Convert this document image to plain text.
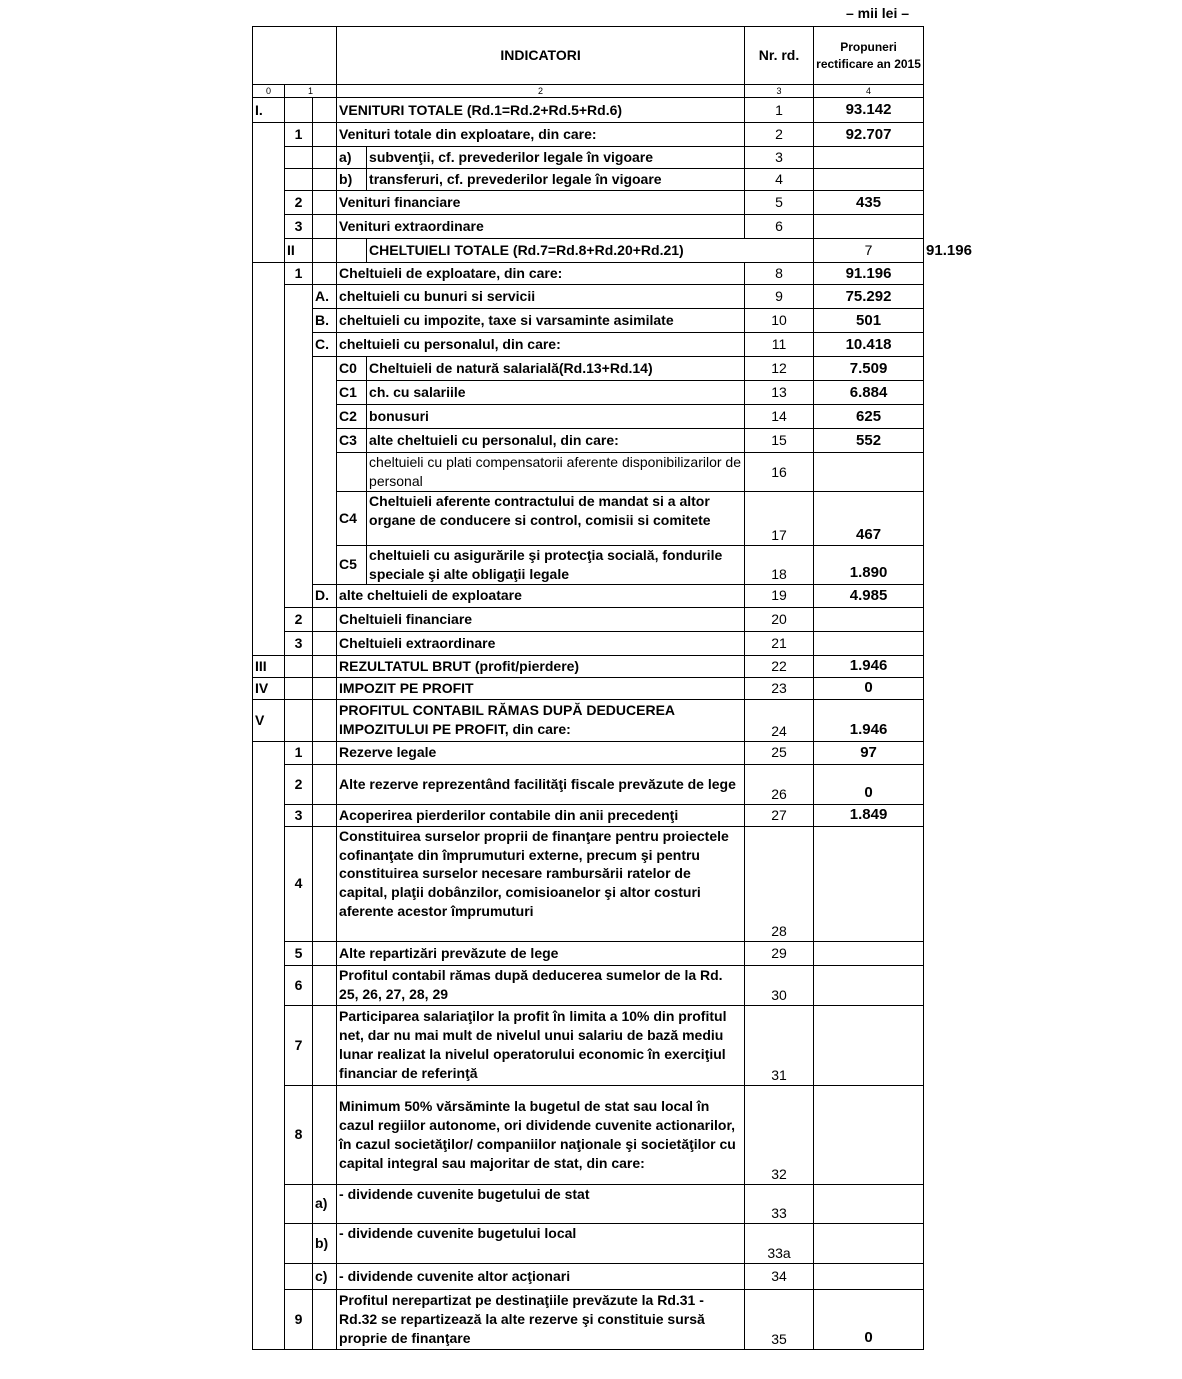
– mii lei –
			INDICATORI		Nr. rd.	Propuneri rectificare an 2015	
0	1		2		3	4	
I.			VENITURI TOTALE (Rd.1=Rd.2+Rd.5+Rd.6)		1	93.142	
	1		Venituri totale din exploatare, din care:		2	92.707	
			a)	subvenţii, cf. prevederilor legale în vigoare	3		
			b)	transferuri, cf. prevederilor legale în vigoare	4		
	2		Venituri financiare		5	435	
	3		Venituri extraordinare		6		
	II			CHELTUIELI TOTALE (Rd.7=Rd.8+Rd.20+Rd.21)		7	91.196
	1		Cheltuieli de exploatare, din care:		8	91.196	
		A.	cheltuieli cu bunuri si servicii		9	75.292	
		B.	cheltuieli cu impozite, taxe si varsaminte asimilate		10	501	
		C.	cheltuieli cu personalul, din care:		11	10.418	
			C0	Cheltuieli de natură salarială(Rd.13+Rd.14)	12	7.509	
			C1	ch. cu salariile	13	6.884	
			C2	bonusuri	14	625	
			C3	alte cheltuieli cu personalul, din care:	15	552	
				cheltuieli cu plati compensatorii aferente disponibilizarilor de personal	16		
			C4	Cheltuieli aferente contractului de mandat si a altor organe de conducere si control, comisii si comitete	17	467	
			C5	cheltuieli cu asigurările şi protecţia socială, fondurile speciale şi alte obligaţii legale	18	1.890	
		D.	alte cheltuieli de exploatare		19	4.985	
	2		Cheltuieli financiare		20		
	3		Cheltuieli extraordinare		21		
III			REZULTATUL BRUT (profit/pierdere)		22	1.946	
IV			IMPOZIT PE PROFIT		23	0	
V			PROFITUL CONTABIL RĂMAS DUPĂ DEDUCEREA IMPOZITULUI PE PROFIT, din care:		24	1.946	
	1		Rezerve legale		25	97	
	2		Alte rezerve reprezentând facilităţi fiscale prevăzute de lege		26	0	
	3		Acoperirea pierderilor contabile din anii precedenţi		27	1.849	
	4		Constituirea surselor proprii de finanţare pentru proiectele cofinanţate din împrumuturi externe, precum şi pentru constituirea surselor necesare rambursării ratelor de capital, plaţii dobânzilor, comisioanelor şi altor costuri aferente acestor împrumuturi		28		
	5		Alte repartizări prevăzute de lege		29		
	6		Profitul contabil rămas după deducerea sumelor de la Rd. 25, 26, 27, 28, 29		30		
	7		Participarea salariaţilor la profit în limita a 10% din profitul net, dar nu mai mult de nivelul unui salariu de bază mediu lunar realizat la nivelul operatorului economic în exerciţiul financiar de referinţă		31		
	8		Minimum 50% vărsăminte la bugetul de stat sau local în cazul regiilor autonome, ori dividende cuvenite actionarilor, în cazul societăţilor/ companiilor naţionale şi societăţilor cu capital integral sau majoritar de stat, din care:		32		
		a)	- dividende cuvenite bugetului de stat		33		
		b)	- dividende cuvenite bugetului local		33a		
		c)	- dividende cuvenite altor acţionari		34		
	9		Profitul nerepartizat pe destinaţiile prevăzute la Rd.31 - Rd.32 se repartizează la alte rezerve şi constituie sursă proprie de finanţare		35	0	
